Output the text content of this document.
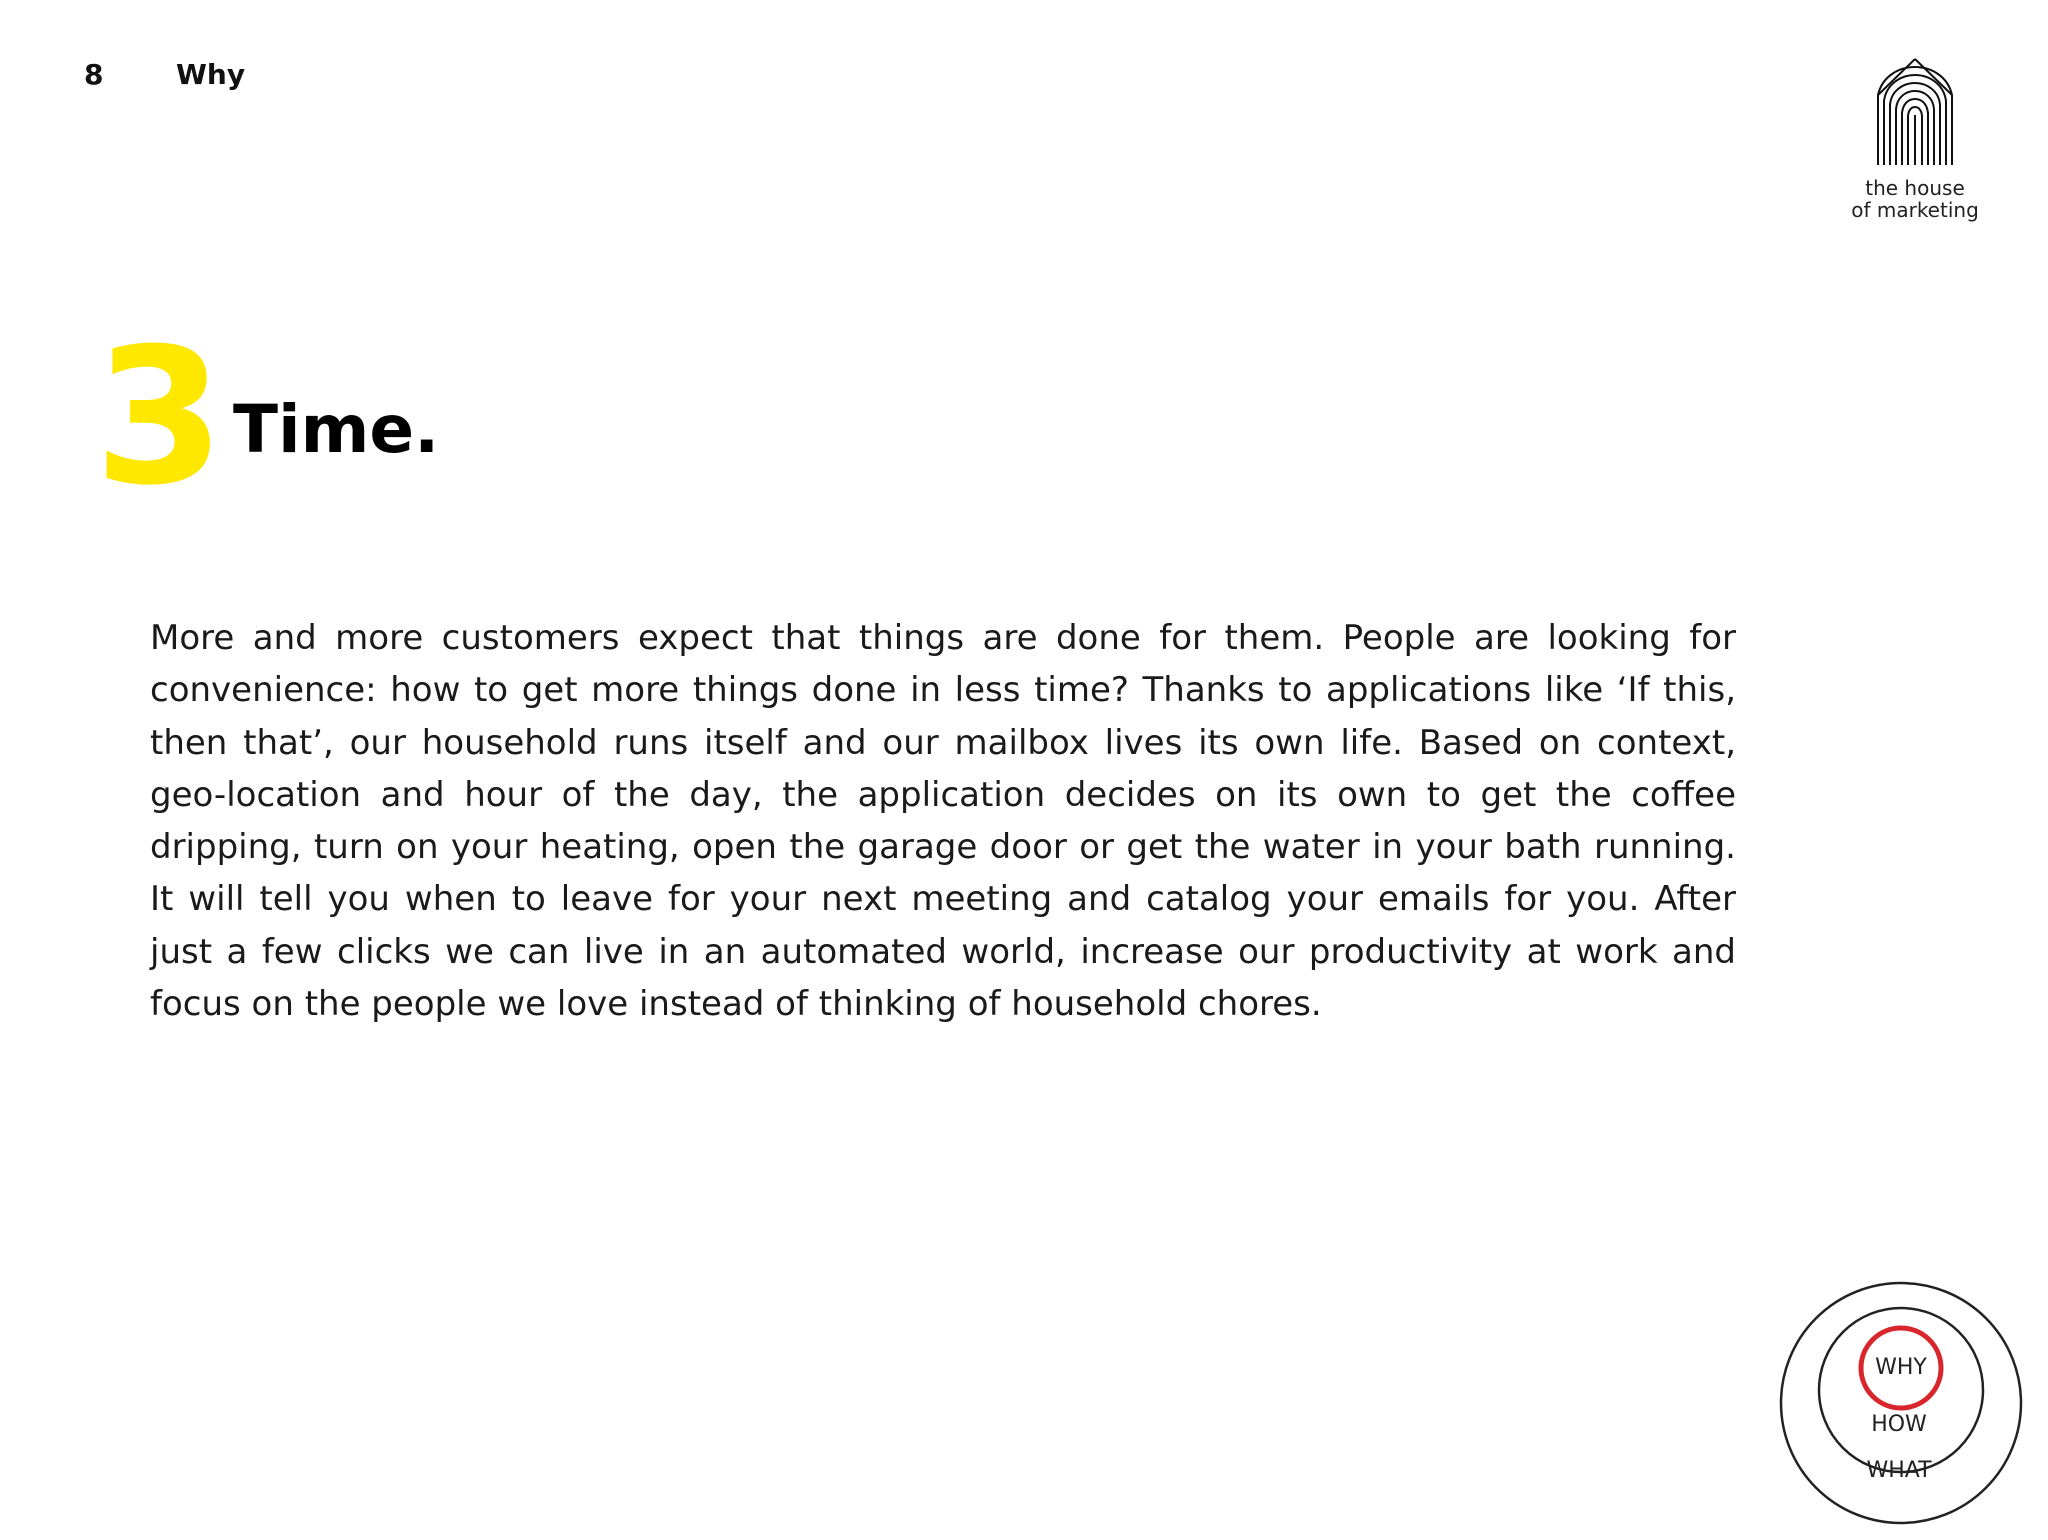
8	Why
the house
of marketing
3 Time.

More and more customers expect that things are done for them. People are looking for convenience: how to get more things done in less time? Thanks to applications like ‘If this, then that’, our household runs itself and our mailbox lives its own life. Based on context, geo-location and hour of the day, the application decides on its own to get the coffee dripping, turn on your heating, open the garage door or get the water in your bath running. It will tell you when to leave for your next meeting and catalog your emails for you. After just a few clicks we can live in an automated world, increase our productivity at work and focus on the people we love instead of thinking of household chores.

WHY
HOW
WHAT
